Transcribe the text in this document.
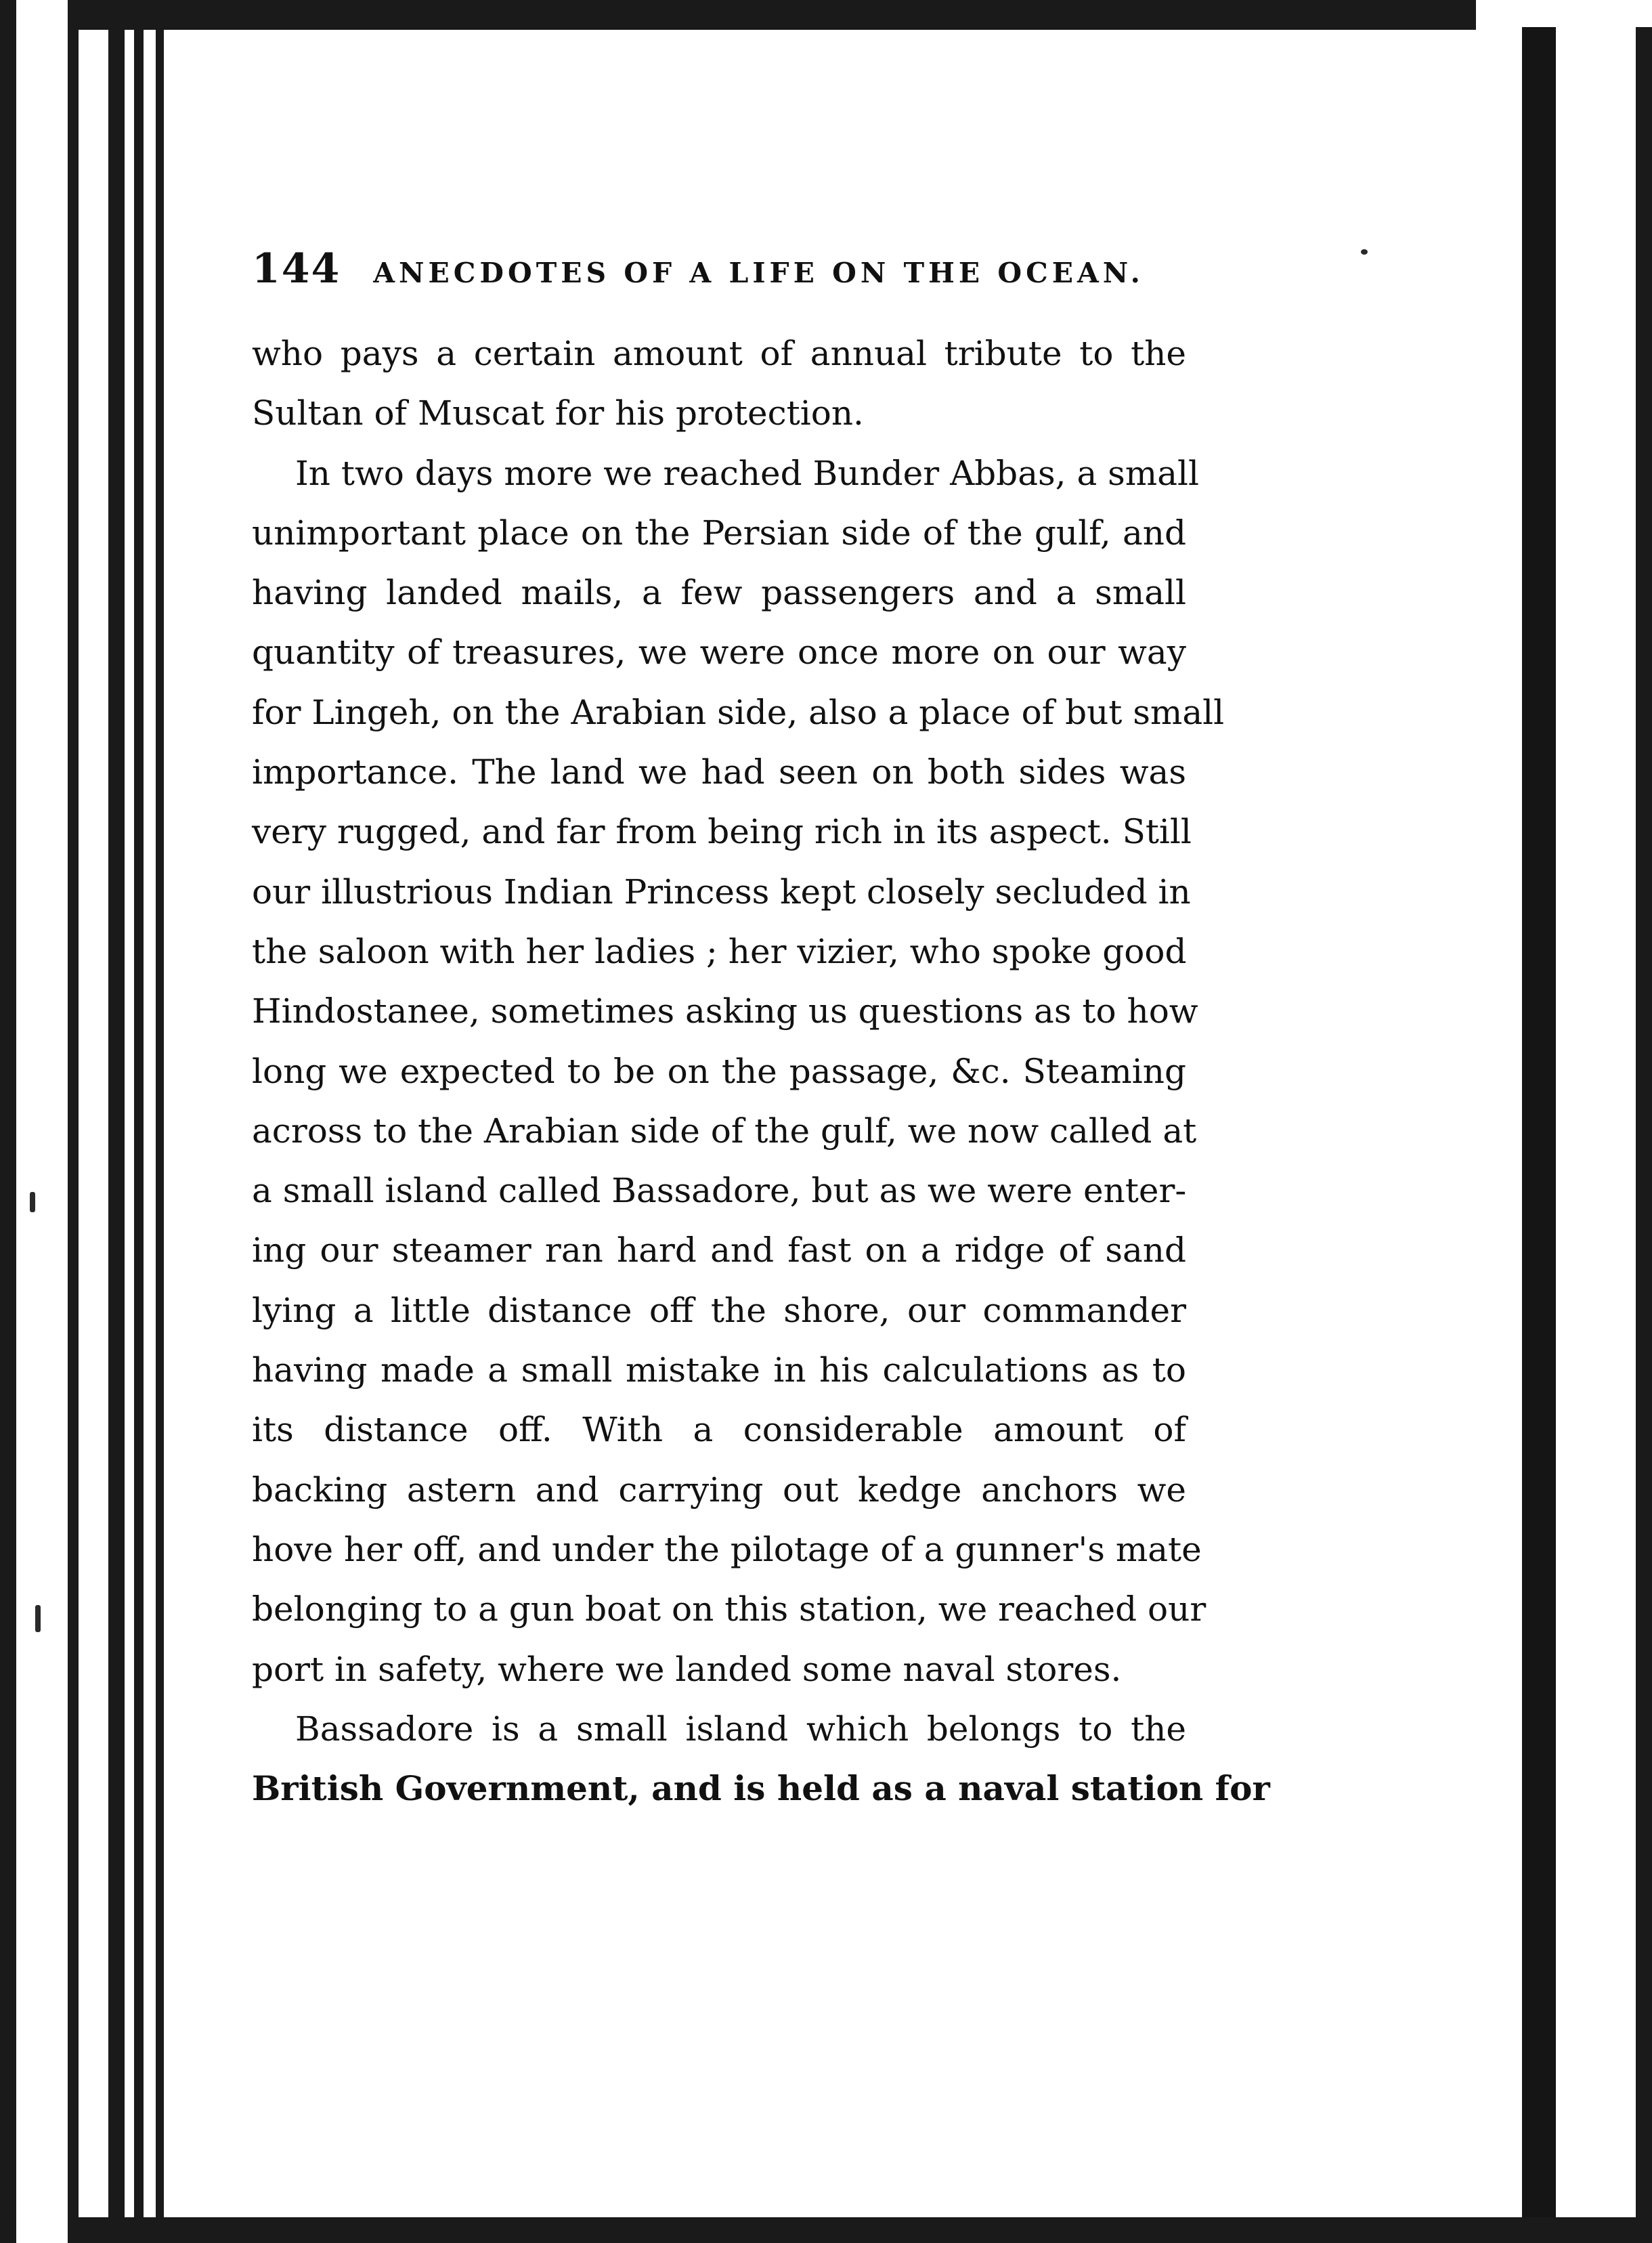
144 ANECDOTES OF A LIFE ON THE OCEAN.
who pays a certain amount of annual tribute to the
Sultan of Muscat for his protection.
In two days more we reached Bunder Abbas, a small
unimportant place on the Persian side of the gulf, and
having landed mails, a few passengers and a small
quantity of treasures, we were once more on our way
for Lingeh, on the Arabian side, also a place of but small
importance. The land we had seen on both sides was
very rugged, and far from being rich in its aspect. Still
our illustrious Indian Princess kept closely secluded in
the saloon with her ladies ; her vizier, who spoke good
Hindostanee, sometimes asking us questions as to how
long we expected to be on the passage, &c. Steaming
across to the Arabian side of the gulf, we now called at
a small island called Bassadore, but as we were enter-
ing our steamer ran hard and fast on a ridge of sand
lying a little distance off the shore, our commander
having made a small mistake in his calculations as to
its distance off. With a considerable amount of
backing astern and carrying out kedge anchors we
hove her off, and under the pilotage of a gunner's mate
belonging to a gun boat on this station, we reached our
port in safety, where we landed some naval stores.
Bassadore is a small island which belongs to the
British Government, and is held as a naval station for
